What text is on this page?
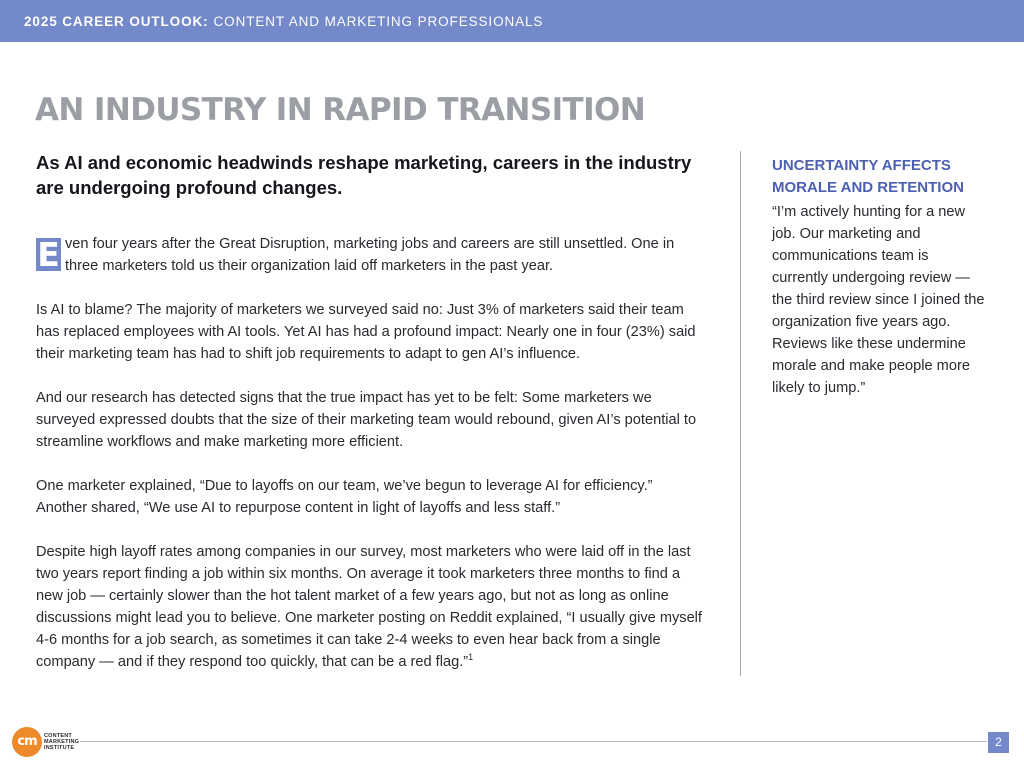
2025 CAREER OUTLOOK: CONTENT AND MARKETING PROFESSIONALS
AN INDUSTRY IN RAPID TRANSITION
As AI and economic headwinds reshape marketing, careers in the industry are undergoing profound changes.

E ven four years after the Great Disruption, marketing jobs and careers are still unsettled. One in three marketers told us their organization laid off marketers in the past year.

Is AI to blame? The majority of marketers we surveyed said no: Just 3% of marketers said their team has replaced employees with AI tools. Yet AI has had a profound impact: Nearly one in four (23%) said their marketing team has had to shift job requirements to adapt to gen AI’s influence.

And our research has detected signs that the true impact has yet to be felt: Some marketers we surveyed expressed doubts that the size of their marketing team would rebound, given AI’s potential to streamline workflows and make marketing more efficient.

One marketer explained, “Due to layoffs on our team, we’ve begun to leverage AI for efficiency.” Another shared, “We use AI to repurpose content in light of layoffs and less staff.”

Despite high layoff rates among companies in our survey, most marketers who were laid off in the last two years report finding a job within six months. On average it took marketers three months to find a new job — certainly slower than the hot talent market of a few years ago, but not as long as online discussions might lead you to believe. One marketer posting on Reddit explained, “I usually give myself 4-6 months for a job search, as sometimes it can take 2-4 weeks to even hear back from a single company — and if they respond too quickly, that can be a red flag.”$^1$

UNCERTAINTY AFFECTS MORALE AND RETENTION
“I’m actively hunting for a new job. Our marketing and communications team is currently undergoing review — the third review since I joined the organization five years ago. Reviews like these undermine morale and make people more likely to jump.”
cm	CONTENT
MARKETING
INSTITUTE	2
